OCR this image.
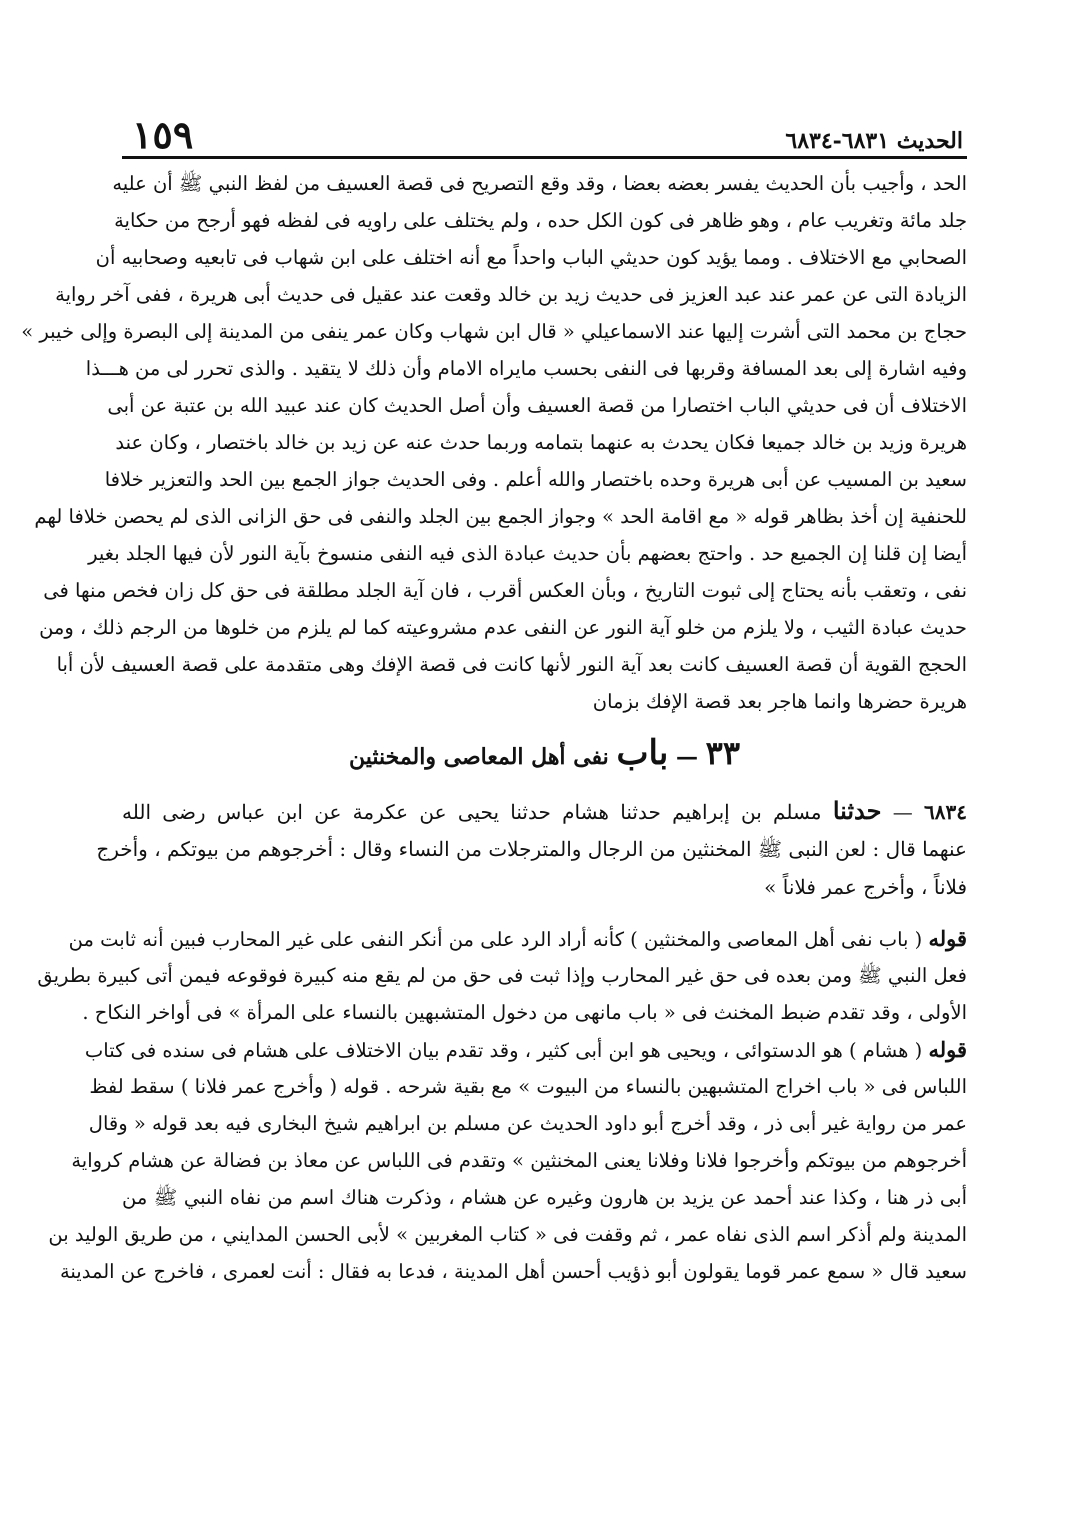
الحديث ٦٨٣١-٦٨٣٤
١٥٩
الحد ، وأجيب بأن الحديث يفسر بعضه بعضا ، وقد وقع التصريح فى قصة العسيف من لفظ النبي ﷺ أن عليه
جلد مائة وتغريب عام ، وهو ظاهر فى كون الكل حده ، ولم يختلف على راويه فى لفظه فهو أرجح من حكاية
الصحابي مع الاختلاف . ومما يؤيد كون حديثي الباب واحداً مع أنه اختلف على ابن شهاب فى تابعيه وصحابيه أن
الزيادة التى عن عمر عند عبد العزيز فى حديث زيد بن خالد وقعت عند عقيل فى حديث أبى هريرة ، ففى آخر رواية
حجاج بن محمد التى أشرت إليها عند الاسماعيلي « قال ابن شهاب وكان عمر ينفى من المدينة إلى البصرة وإلى خيبر »
وفيه اشارة إلى بعد المسافة وقربها فى النفى بحسب مايراه الامام وأن ذلك لا يتقيد . والذى تحرر لى من هـــذا
الاختلاف أن فى حديثي الباب اختصارا من قصة العسيف وأن أصل الحديث كان عند عبيد الله بن عتبة عن أبى
هريرة وزيد بن خالد جميعا فكان يحدث به عنهما بتمامه وربما حدث عنه عن زيد بن خالد باختصار ، وكان عند
سعيد بن المسيب عن أبى هريرة وحده باختصار والله أعلم . وفى الحديث جواز الجمع بين الحد والتعزير خلافا
للحنفية إن أخذ بظاهر قوله « مع اقامة الحد » وجواز الجمع بين الجلد والنفى فى حق الزانى الذى لم يحصن خلافا لهم
أيضا إن قلنا إن الجميع حد . واحتج بعضهم بأن حديث عبادة الذى فيه النفى منسوخ بآية النور لأن فيها الجلد بغير
نفى ، وتعقب بأنه يحتاج إلى ثبوت التاريخ ، وبأن العكس أقرب ، فان آية الجلد مطلقة فى حق كل زان فخص منها فى
حديث عبادة الثيب ، ولا يلزم من خلو آية النور عن النفى عدم مشروعيته كما لم يلزم من خلوها من الرجم ذلك ، ومن
الحجج القوية أن قصة العسيف كانت بعد آية النور لأنها كانت فى قصة الإفك وهى متقدمة على قصة العسيف لأن أبا
هريرة حضرها وانما هاجر بعد قصة الإفك بزمان
٣٣ — باب نفى أهل المعاصى والمخنثين
٦٨٣٤ — حدثنا مسلم بن إبراهيم حدثنا هشام حدثنا يحيى عن عكرمة عن ابن عباس رضى الله
عنهما قال : لعن النبى ﷺ المخنثين من الرجال والمترجلات من النساء وقال : أخرجوهم من بيوتكم ، وأخرج
فلاناً ، وأخرج عمر فلاناً »
قوله ( باب نفى أهل المعاصى والمخنثين ) كأنه أراد الرد على من أنكر النفى على غير المحارب فبين أنه ثابت من
فعل النبي ﷺ ومن بعده فى حق غير المحارب وإذا ثبت فى حق من لم يقع منه كبيرة فوقوعه فيمن أتى كبيرة بطريق
الأولى ، وقد تقدم ضبط المخنث فى « باب مانهى من دخول المتشبهين بالنساء على المرأة » فى أواخر النكاح .
قوله ( هشام ) هو الدستوائى ، ويحيى هو ابن أبى كثير ، وقد تقدم بيان الاختلاف على هشام فى سنده فى كتاب
اللباس فى « باب اخراج المتشبهين بالنساء من البيوت » مع بقية شرحه . قوله ( وأخرج عمر فلانا ) سقط لفظ
عمر من رواية غير أبى ذر ، وقد أخرج أبو داود الحديث عن مسلم بن ابراهيم شيخ البخارى فيه بعد قوله « وقال
أخرجوهم من بيوتكم وأخرجوا فلانا وفلانا يعنى المخنثين » وتقدم فى اللباس عن معاذ بن فضالة عن هشام كرواية
أبى ذر هنا ، وكذا عند أحمد عن يزيد بن هارون وغيره عن هشام ، وذكرت هناك اسم من نفاه النبي ﷺ من
المدينة ولم أذكر اسم الذى نفاه عمر ، ثم وقفت فى « كتاب المغربين » لأبى الحسن المدايني ، من طريق الوليد بن
سعيد قال « سمع عمر قوما يقولون أبو ذؤيب أحسن أهل المدينة ، فدعا به فقال : أنت لعمرى ، فاخرج عن المدينة
